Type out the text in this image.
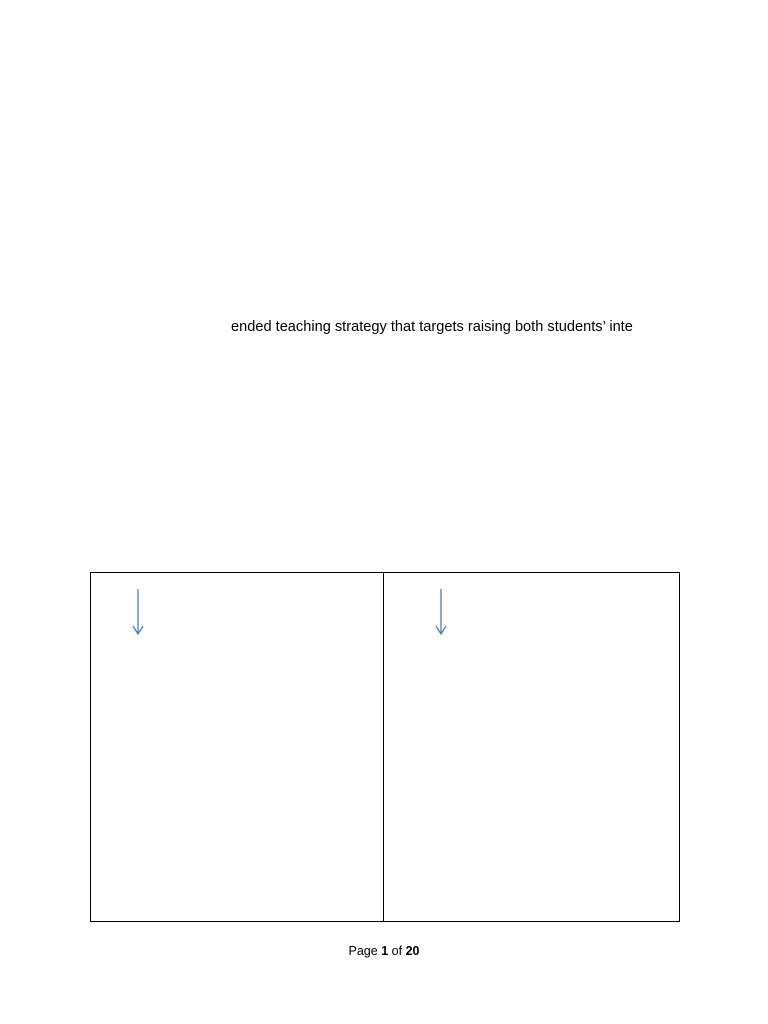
ended teaching strategy that targets raising both students’ inte

Page 1 of 20
